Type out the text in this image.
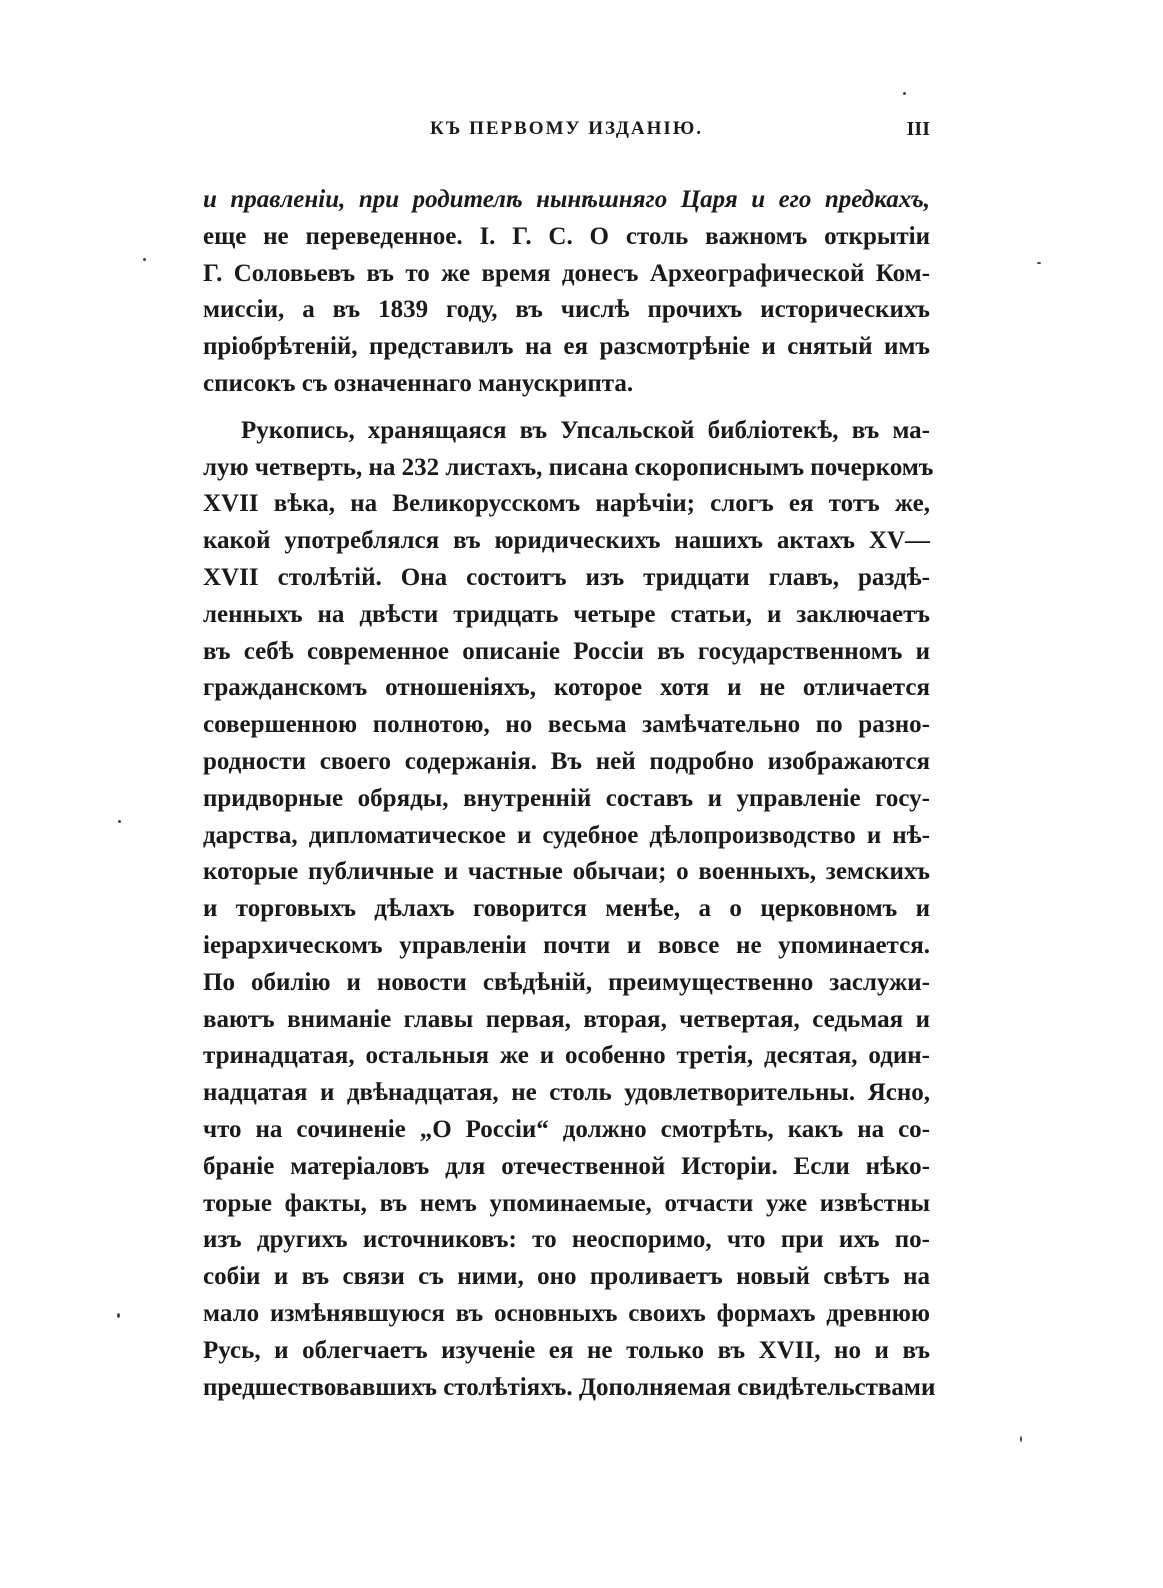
КЪ ПЕРВОМУ ИЗДАНІЮ.	III
и правленіи, при родителѣ нынѣшняго Царя и его предкахъ,
еще не переведенное. І. Г. С. О столь важномъ открытіи
Г. Соловьевъ въ то же время донесъ Археографической Ком-
миссіи, а въ 1839 году, въ числѣ прочихъ историческихъ
пріобрѣтеній, представилъ на ея разсмотрѣніе и снятый имъ
списокъ съ означеннаго манускрипта.
Рукопись, хранящаяся въ Упсальской библіотекѣ, въ ма-
лую четверть, на 232 листахъ, писана скорописнымъ почеркомъ
XVII вѣка, на Великорусскомъ нарѣчіи; слогъ ея тотъ же,
какой употреблялся въ юридическихъ нашихъ актахъ XV—
XVII столѣтій. Она состоитъ изъ тридцати главъ, раздѣ-
ленныхъ на двѣсти тридцать четыре статьи, и заключаетъ
въ себѣ современное описаніе Россіи въ государственномъ и
гражданскомъ отношеніяхъ, которое хотя и не отличается
совершенною полнотою, но весьма замѣчательно по разно-
родности своего содержанія. Въ ней подробно изображаются
придворные обряды, внутренній составъ и управленіе госу-
дарства, дипломатическое и судебное дѣлопроизводство и нѣ-
которые публичные и частные обычаи; о военныхъ, земскихъ
и торговыхъ дѣлахъ говорится менѣе, а о церковномъ и
іерархическомъ управленіи почти и вовсе не упоминается.
По обилію и новости свѣдѣній, преимущественно заслужи-
ваютъ вниманіе главы первая, вторая, четвертая, седьмая и
тринадцатая, остальныя же и особенно третія, десятая, один-
надцатая и двѣнадцатая, не столь удовлетворительны. Ясно,
что на сочиненіе „О Россіи“ должно смотрѣть, какъ на со-
браніе матеріаловъ для отечественной Исторіи. Если нѣко-
торые факты, въ немъ упоминаемые, отчасти уже извѣстны
изъ другихъ источниковъ: то неоспоримо, что при ихъ по-
собіи и въ связи съ ними, оно проливаетъ новый свѣтъ на
мало измѣнявшуюся въ основныхъ своихъ формахъ древнюю
Русь, и облегчаетъ изученіе ея не только въ XVII, но и въ
предшествовавшихъ столѣтіяхъ. Дополняемая свидѣтельствами
